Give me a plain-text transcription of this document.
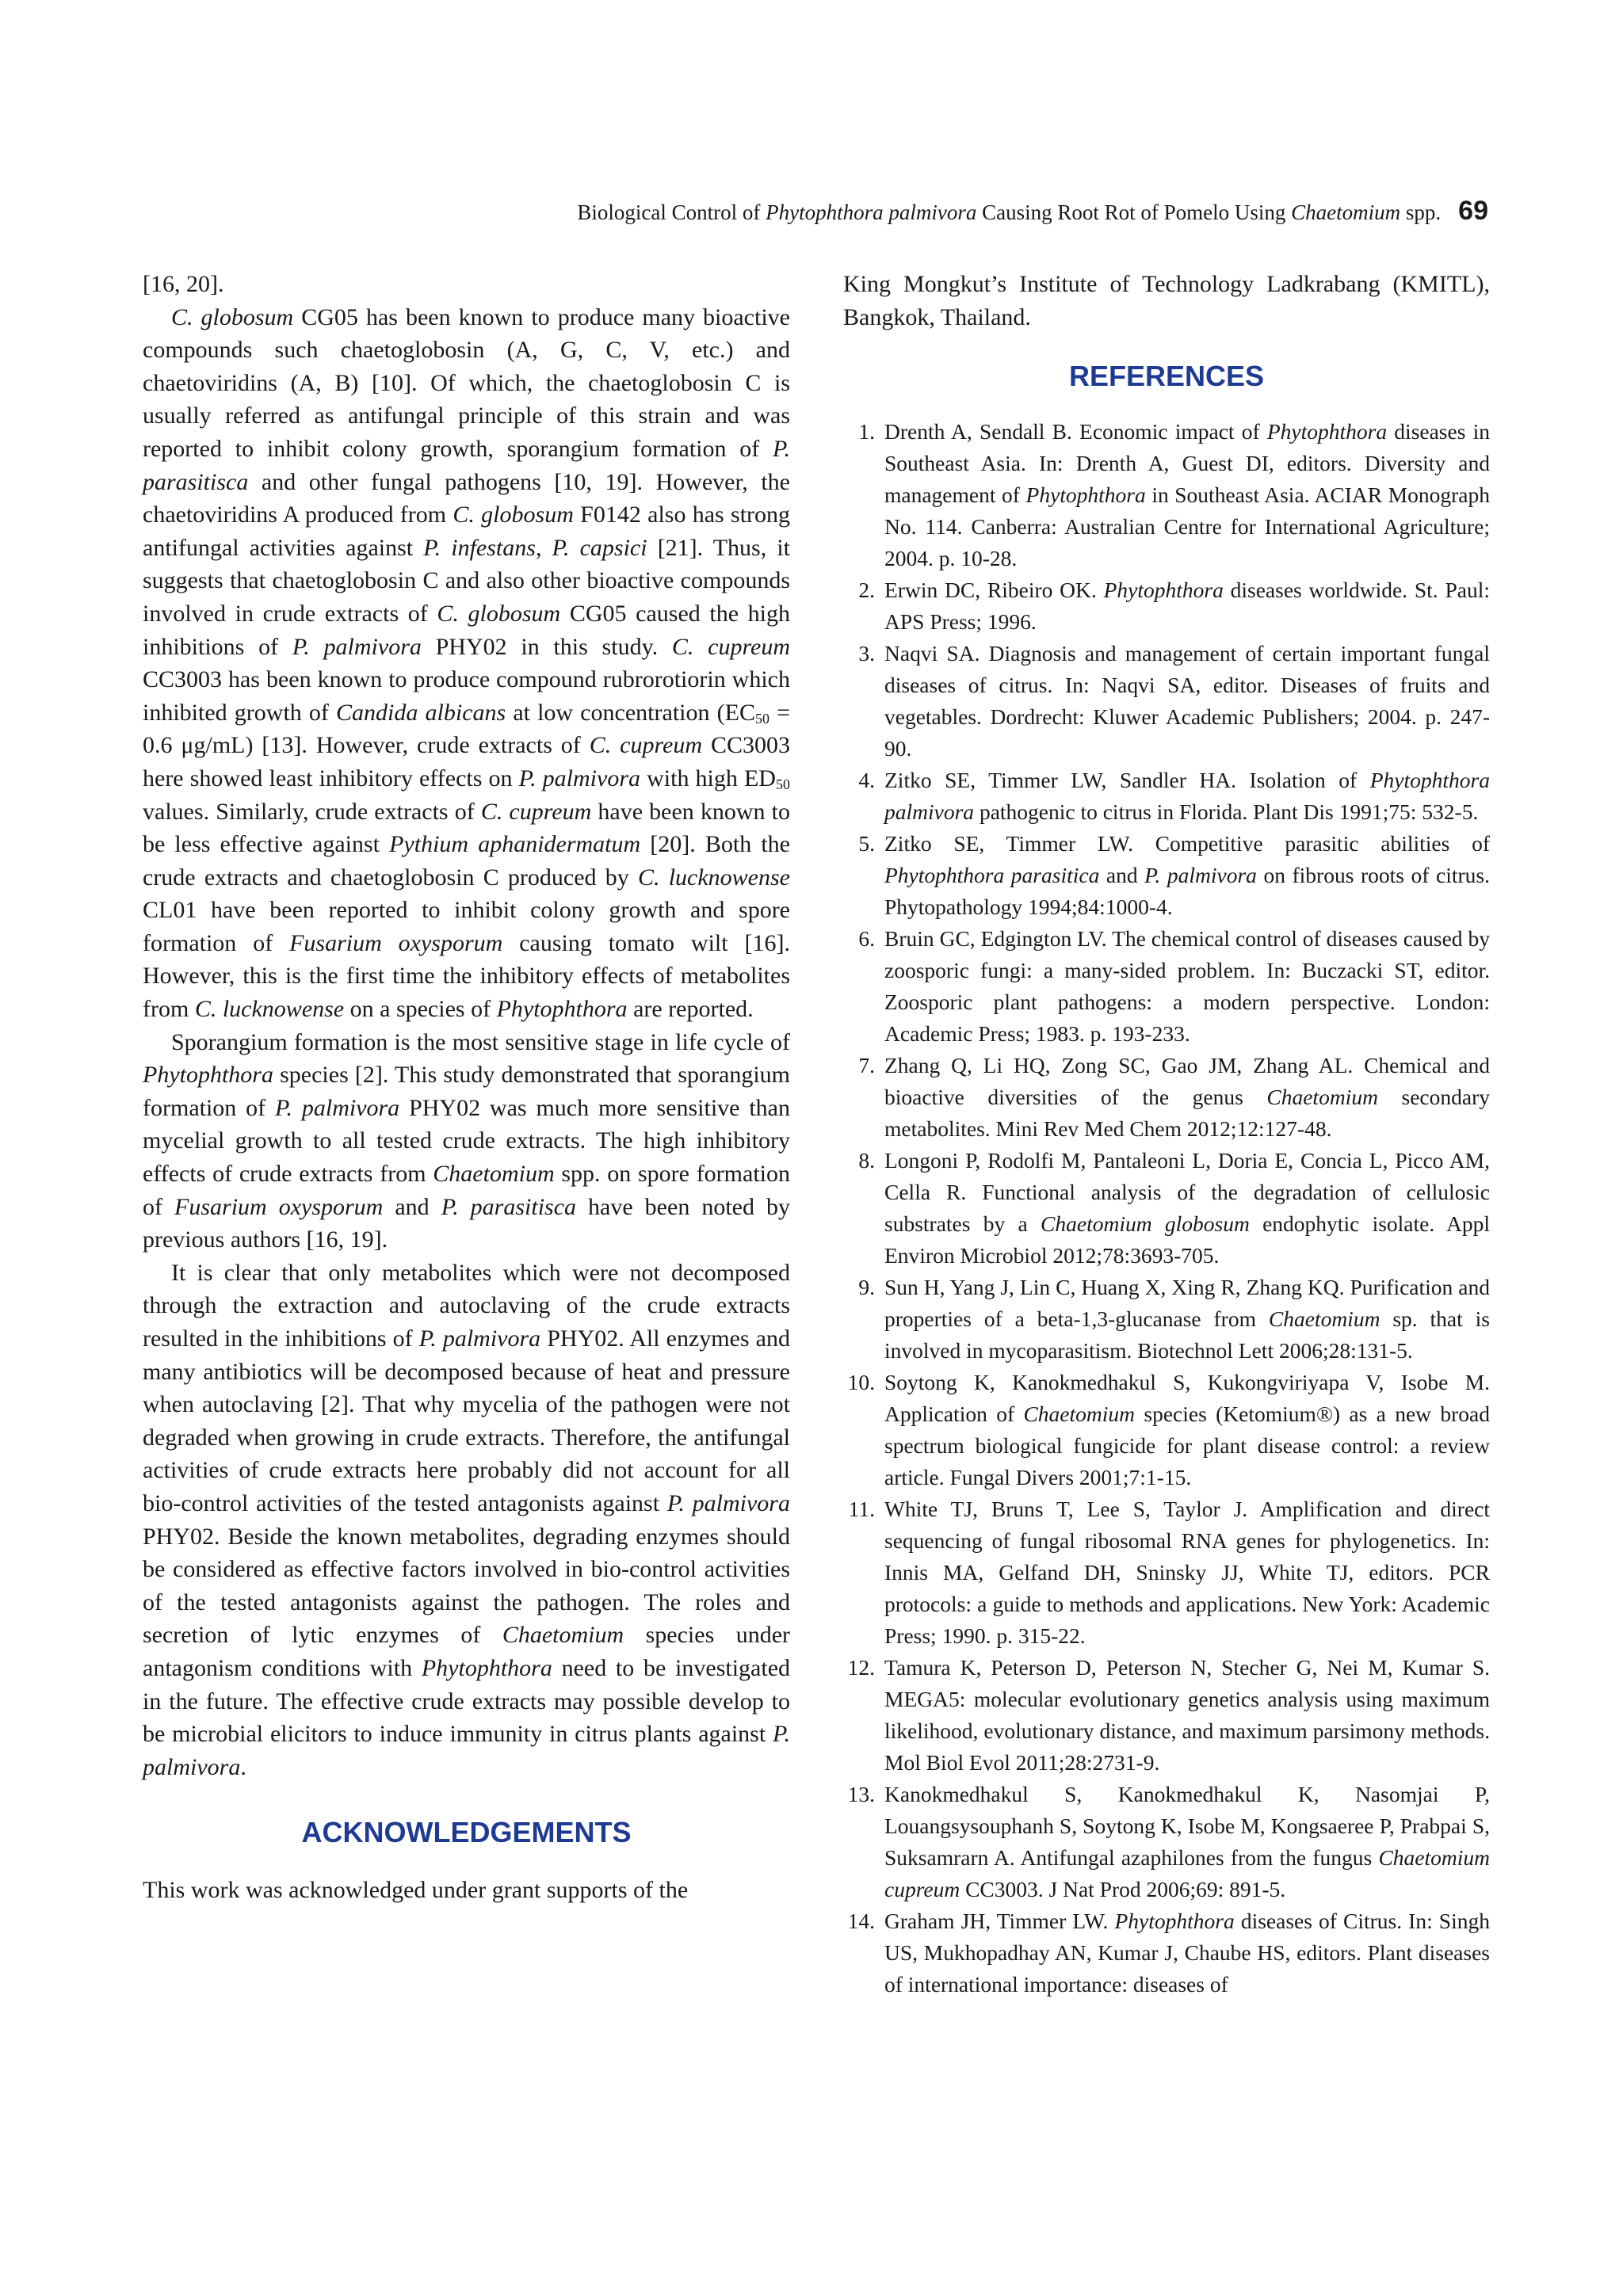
Biological Control of Phytophthora palmivora Causing Root Rot of Pomelo Using Chaetomium spp. 69

[16, 20].

C. globosum CG05 has been known to produce many bioactive compounds such chaetoglobosin (A, G, C, V, etc.) and chaetoviridins (A, B) [10]. Of which, the chaetoglobosin C is usually referred as antifungal principle of this strain and was reported to inhibit colony growth, sporangium formation of P. parasitisca and other fungal pathogens [10, 19]. However, the chaetoviridins A produced from C. globosum F0142 also has strong antifungal activities against P. infestans, P. capsici [21]. Thus, it suggests that chaetoglobosin C and also other bioactive compounds involved in crude extracts of C. globosum CG05 caused the high inhibitions of P. palmivora PHY02 in this study. C. cupreum CC3003 has been known to produce compound rubrorotiorin which inhibited growth of Candida albicans at low concentration ($EC_{50} = 0.6$ μg/mL) [13]. However, crude extracts of C. cupreum CC3003 here showed least inhibitory effects on P. palmivora with high $ED_{50}$ values. Similarly, crude extracts of C. cupreum have been known to be less effective against Pythium aphanidermatum [20]. Both the crude extracts and chaetoglobosin C produced by C. lucknowense CL01 have been reported to inhibit colony growth and spore formation of Fusarium oxysporum causing tomato wilt [16]. However, this is the first time the inhibitory effects of metabolites from C. lucknowense on a species of Phytophthora are reported.

Sporangium formation is the most sensitive stage in life cycle of Phytophthora species [2]. This study demonstrated that sporangium formation of P. palmivora PHY02 was much more sensitive than mycelial growth to all tested crude extracts. The high inhibitory effects of crude extracts from Chaetomium spp. on spore formation of Fusarium oxysporum and P. parasitisca have been noted by previous authors [16, 19].

It is clear that only metabolites which were not decomposed through the extraction and autoclaving of the crude extracts resulted in the inhibitions of P. palmivora PHY02. All enzymes and many antibiotics will be decomposed because of heat and pressure when autoclaving [2]. That why mycelia of the pathogen were not degraded when growing in crude extracts. Therefore, the antifungal activities of crude extracts here probably did not account for all bio-control activities of the tested antagonists against P. palmivora PHY02. Beside the known metabolites, degrading enzymes should be considered as effective factors involved in bio-control activities of the tested antagonists against the pathogen. The roles and secretion of lytic enzymes of Chaetomium species under antagonism conditions with Phytophthora need to be investigated in the future. The effective crude extracts may possible develop to be microbial elicitors to induce immunity in citrus plants against P. palmivora.

ACKNOWLEDGEMENTS

This work was acknowledged under grant supports of the

King Mongkut’s Institute of Technology Ladkrabang (KMITL), Bangkok, Thailand.

REFERENCES
1. Drenth A, Sendall B. Economic impact of Phytophthora diseases in Southeast Asia. In: Drenth A, Guest DI, editors. Diversity and management of Phytophthora in Southeast Asia. ACIAR Monograph No. 114. Canberra: Australian Centre for International Agriculture; 2004. p. 10-28.
2. Erwin DC, Ribeiro OK. Phytophthora diseases worldwide. St. Paul: APS Press; 1996.
3. Naqvi SA. Diagnosis and management of certain important fungal diseases of citrus. In: Naqvi SA, editor. Diseases of fruits and vegetables. Dordrecht: Kluwer Academic Publishers; 2004. p. 247-90.
4. Zitko SE, Timmer LW, Sandler HA. Isolation of Phytophthora palmivora pathogenic to citrus in Florida. Plant Dis 1991;75: 532-5.
5. Zitko SE, Timmer LW. Competitive parasitic abilities of Phytophthora parasitica and P. palmivora on fibrous roots of citrus. Phytopathology 1994;84:1000-4.
6. Bruin GC, Edgington LV. The chemical control of diseases caused by zoosporic fungi: a many-sided problem. In: Buczacki ST, editor. Zoosporic plant pathogens: a modern perspective. London: Academic Press; 1983. p. 193-233.
7. Zhang Q, Li HQ, Zong SC, Gao JM, Zhang AL. Chemical and bioactive diversities of the genus Chaetomium secondary metabolites. Mini Rev Med Chem 2012;12:127-48.
8. Longoni P, Rodolfi M, Pantaleoni L, Doria E, Concia L, Picco AM, Cella R. Functional analysis of the degradation of cellulosic substrates by a Chaetomium globosum endophytic isolate. Appl Environ Microbiol 2012;78:3693-705.
9. Sun H, Yang J, Lin C, Huang X, Xing R, Zhang KQ. Purification and properties of a beta-1,3-glucanase from Chaetomium sp. that is involved in mycoparasitism. Biotechnol Lett 2006;28:131-5.
10. Soytong K, Kanokmedhakul S, Kukongviriyapa V, Isobe M. Application of Chaetomium species (Ketomium®) as a new broad spectrum biological fungicide for plant disease control: a review article. Fungal Divers 2001;7:1-15.
11. White TJ, Bruns T, Lee S, Taylor J. Amplification and direct sequencing of fungal ribosomal RNA genes for phylogenetics. In: Innis MA, Gelfand DH, Sninsky JJ, White TJ, editors. PCR protocols: a guide to methods and applications. New York: Academic Press; 1990. p. 315-22.
12. Tamura K, Peterson D, Peterson N, Stecher G, Nei M, Kumar S. MEGA5: molecular evolutionary genetics analysis using maximum likelihood, evolutionary distance, and maximum parsimony methods. Mol Biol Evol 2011;28:2731-9.
13. Kanokmedhakul S, Kanokmedhakul K, Nasomjai P, Louangsysouphanh S, Soytong K, Isobe M, Kongsaeree P, Prabpai S, Suksamrarn A. Antifungal azaphilones from the fungus Chaetomium cupreum CC3003. J Nat Prod 2006;69: 891-5.
14. Graham JH, Timmer LW. Phytophthora diseases of Citrus. In: Singh US, Mukhopadhay AN, Kumar J, Chaube HS, editors. Plant diseases of international importance: diseases of
